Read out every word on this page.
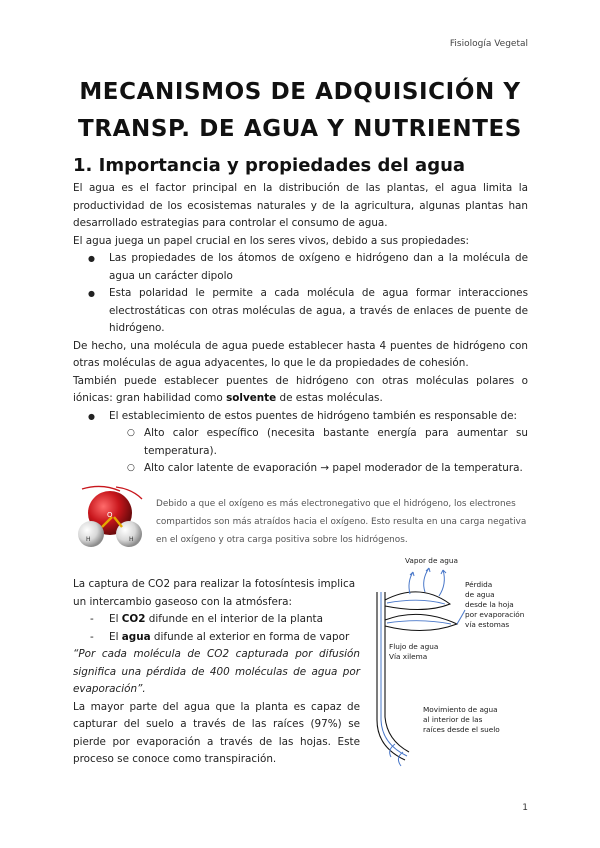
Fisiología Vegetal
MECANISMOS DE ADQUISICIÓN Y
TRANSP. DE AGUA Y NUTRIENTES
1. Importancia y propiedades del agua
El agua es el factor principal en la distribución de las plantas, el agua limita la productividad de los ecosistemas naturales y de la agricultura, algunas plantas han desarrollado estrategias para controlar el consumo de agua.
El agua juega un papel crucial en los seres vivos, debido a sus propiedades:
● Las propiedades de los átomos de oxígeno e hidrógeno dan a la molécula de agua un carácter dipolo
● Esta polaridad le permite a cada molécula de agua formar interacciones electrostáticas con otras moléculas de agua, a través de enlaces de puente de hidrógeno.
De hecho, una molécula de agua puede establecer hasta 4 puentes de hidrógeno con otras moléculas de agua adyacentes, lo que le da propiedades de cohesión.
También puede establecer puentes de hidrógeno con otras moléculas polares o iónicas: gran habilidad como solvente de estas moléculas.
● El establecimiento de estos puentes de hidrógeno también es responsable de:
○ Alto calor específico (necesita bastante energía para aumentar su temperatura).
○ Alto calor latente de evaporación → papel moderador de la temperatura.
O
H	H
Debido a que el oxígeno es más electronegativo que el hidrógeno, los electrones compartidos son más atraídos hacia el oxígeno. Esto resulta en una carga negativa en el oxígeno y otra carga positiva sobre los hidrógenos.
La captura de CO2 para realizar la fotosíntesis implica un intercambio gaseoso con la atmósfera:
- El CO2 difunde en el interior de la planta
- El agua difunde al exterior en forma de vapor
“Por cada molécula de CO2 capturada por difusión significa una pérdida de 400 moléculas de agua por evaporación”.
La mayor parte del agua que la planta es capaz de capturar del suelo a través de las raíces (97%) se pierde por evaporación a través de las hojas. Este proceso se conoce como transpiración.
Vapor de agua
Pérdida
de agua
desde la hoja
por evaporación
vía estomas
Flujo de agua
Vía xilema
Movimiento de agua
al interior de las
raíces desde el suelo
1
